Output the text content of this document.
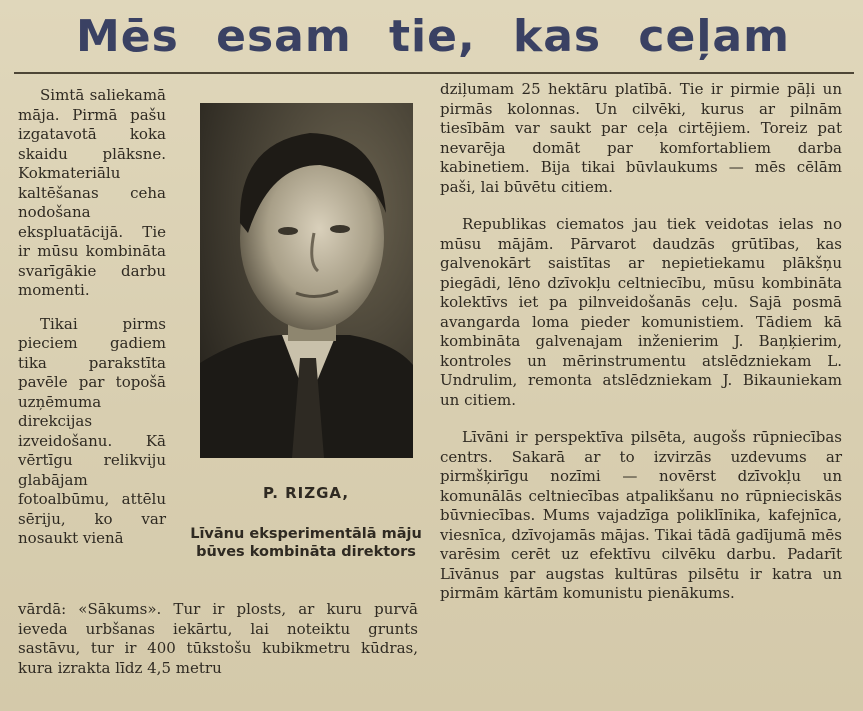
Mēs esam tie, kas ceļam

Simtā saliekamā māja. Pirmā pašu izgatavotā koka skaidu plāksne. Kokmateriālu kaltēšanas ceha nodošana ekspluatācijā. Tie ir mūsu kombināta svarīgākie darbu momenti.

Tikai pirms pieciem gadiem tika parakstīta pavēle par topošā uzņēmuma direkcijas izveidošanu. Kā vērtīgu relikviju glabājam fotoalbūmu, attēlu sēriju, ko var nosaukt vienā

P. RIZGA,
Līvānu eksperimentālā māju būves kombināta direktors

vārdā: «Sākums». Tur ir plosts, ar kuru purvā ieveda urbšanas iekārtu, lai noteiktu grunts sastāvu, tur ir 400 tūkstošu kubikmetru kūdras, kura izrakta līdz 4,5 metru

dziļumam 25 hektāru platībā. Tie ir pirmie pāļi un pirmās kolonnas. Un cilvēki, kurus ar pilnām tiesībām var saukt par ceļa cirtējiem. Toreiz pat nevarēja domāt par komfortabliem darba kabinetiem. Bija tikai būvlaukums — mēs cēlām paši, lai būvētu citiem.

Republikas ciematos jau tiek veidotas ielas no mūsu mājām. Pārvarot daudzās grūtības, kas galvenokārt saistītas ar nepietiekamu plākšņu piegādi, lēno dzīvokļu celtniecību, mūsu kombināta kolektīvs iet pa pilnveidošanās ceļu. Sajā posmā avangarda loma pieder komunistiem. Tādiem kā kombināta galvenajam inženierim J. Baņķierim, kontroles un mērinstrumentu atslēdzniekam L. Undrulim, remonta atslēdzniekam J. Bikauniekam un citiem.

Līvāni ir perspektīva pilsēta, augošs rūpniecības centrs. Sakarā ar to izvirzās uzdevums ar pirmšķirīgu nozīmi — novērst dzīvokļu un komunālās celtniecības atpalikšanu no rūpnieciskās būvniecības. Mums vajadzīga poliklīnika, kafejnīca, viesnīca, dzīvojamās mājas. Tikai tādā gadījumā mēs varēsim cerēt uz efektīvu cilvēku darbu. Padarīt Līvānus par augstas kultūras pilsētu ir katra un pirmām kārtām komunistu pienākums.
